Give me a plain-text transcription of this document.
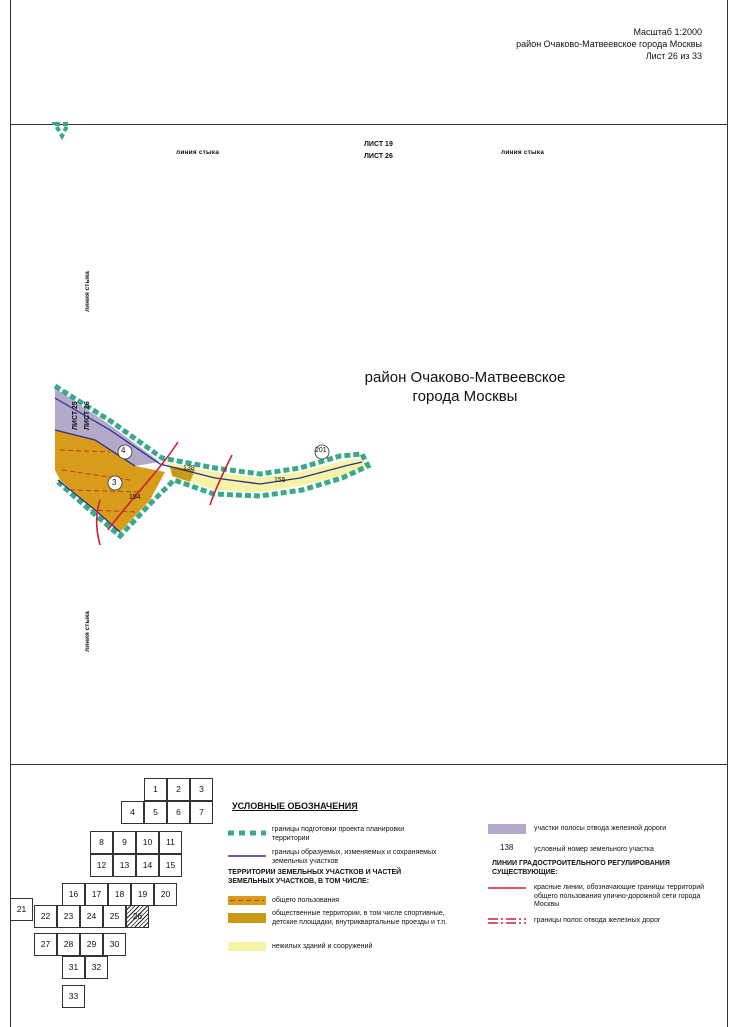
Масштаб 1:2000
район Очаково-Матвеевское города Москвы
Лист 26 из 33
4
3
154
138
155
201
линия стыка	линия стыка
линия стыка
линия стыка
ЛИСТ 19
ЛИСТ 26
ЛИСТ 25 ЛИСТ 26
район Очаково-Матвеевское
города Москвы
1	2	3
4	5	6	7
8	9	10	11
12	13	14	15
16	17	18	19	20
21
22	23	24	25	26
27	28	29	30
31	32
33
УСЛОВНЫЕ ОБОЗНАЧЕНИЯ
границы подготовки проекта планировки территории
границы образуемых, изменяемых и сохраняемых земельных участков
ТЕРРИТОРИИ ЗЕМЕЛЬНЫХ УЧАСТКОВ И ЧАСТЕЙ ЗЕМЕЛЬНЫХ УЧАСТКОВ, В ТОМ ЧИСЛЕ:
общего пользования
общественные территории, в том числе спортивные, детские площадки, внутриквартальные проезды и т.п.
нежилых зданий и сооружений
участки полосы отвода железной дороги
138	условный номер земельного участка
ЛИНИИ ГРАДОСТРОИТЕЛЬНОГО РЕГУЛИРОВАНИЯ СУЩЕСТВУЮЩИЕ:
красные линии, обозначающие границы территорий общего пользования улично-дорожной сети города Москвы
границы полос отвода железных дорог
